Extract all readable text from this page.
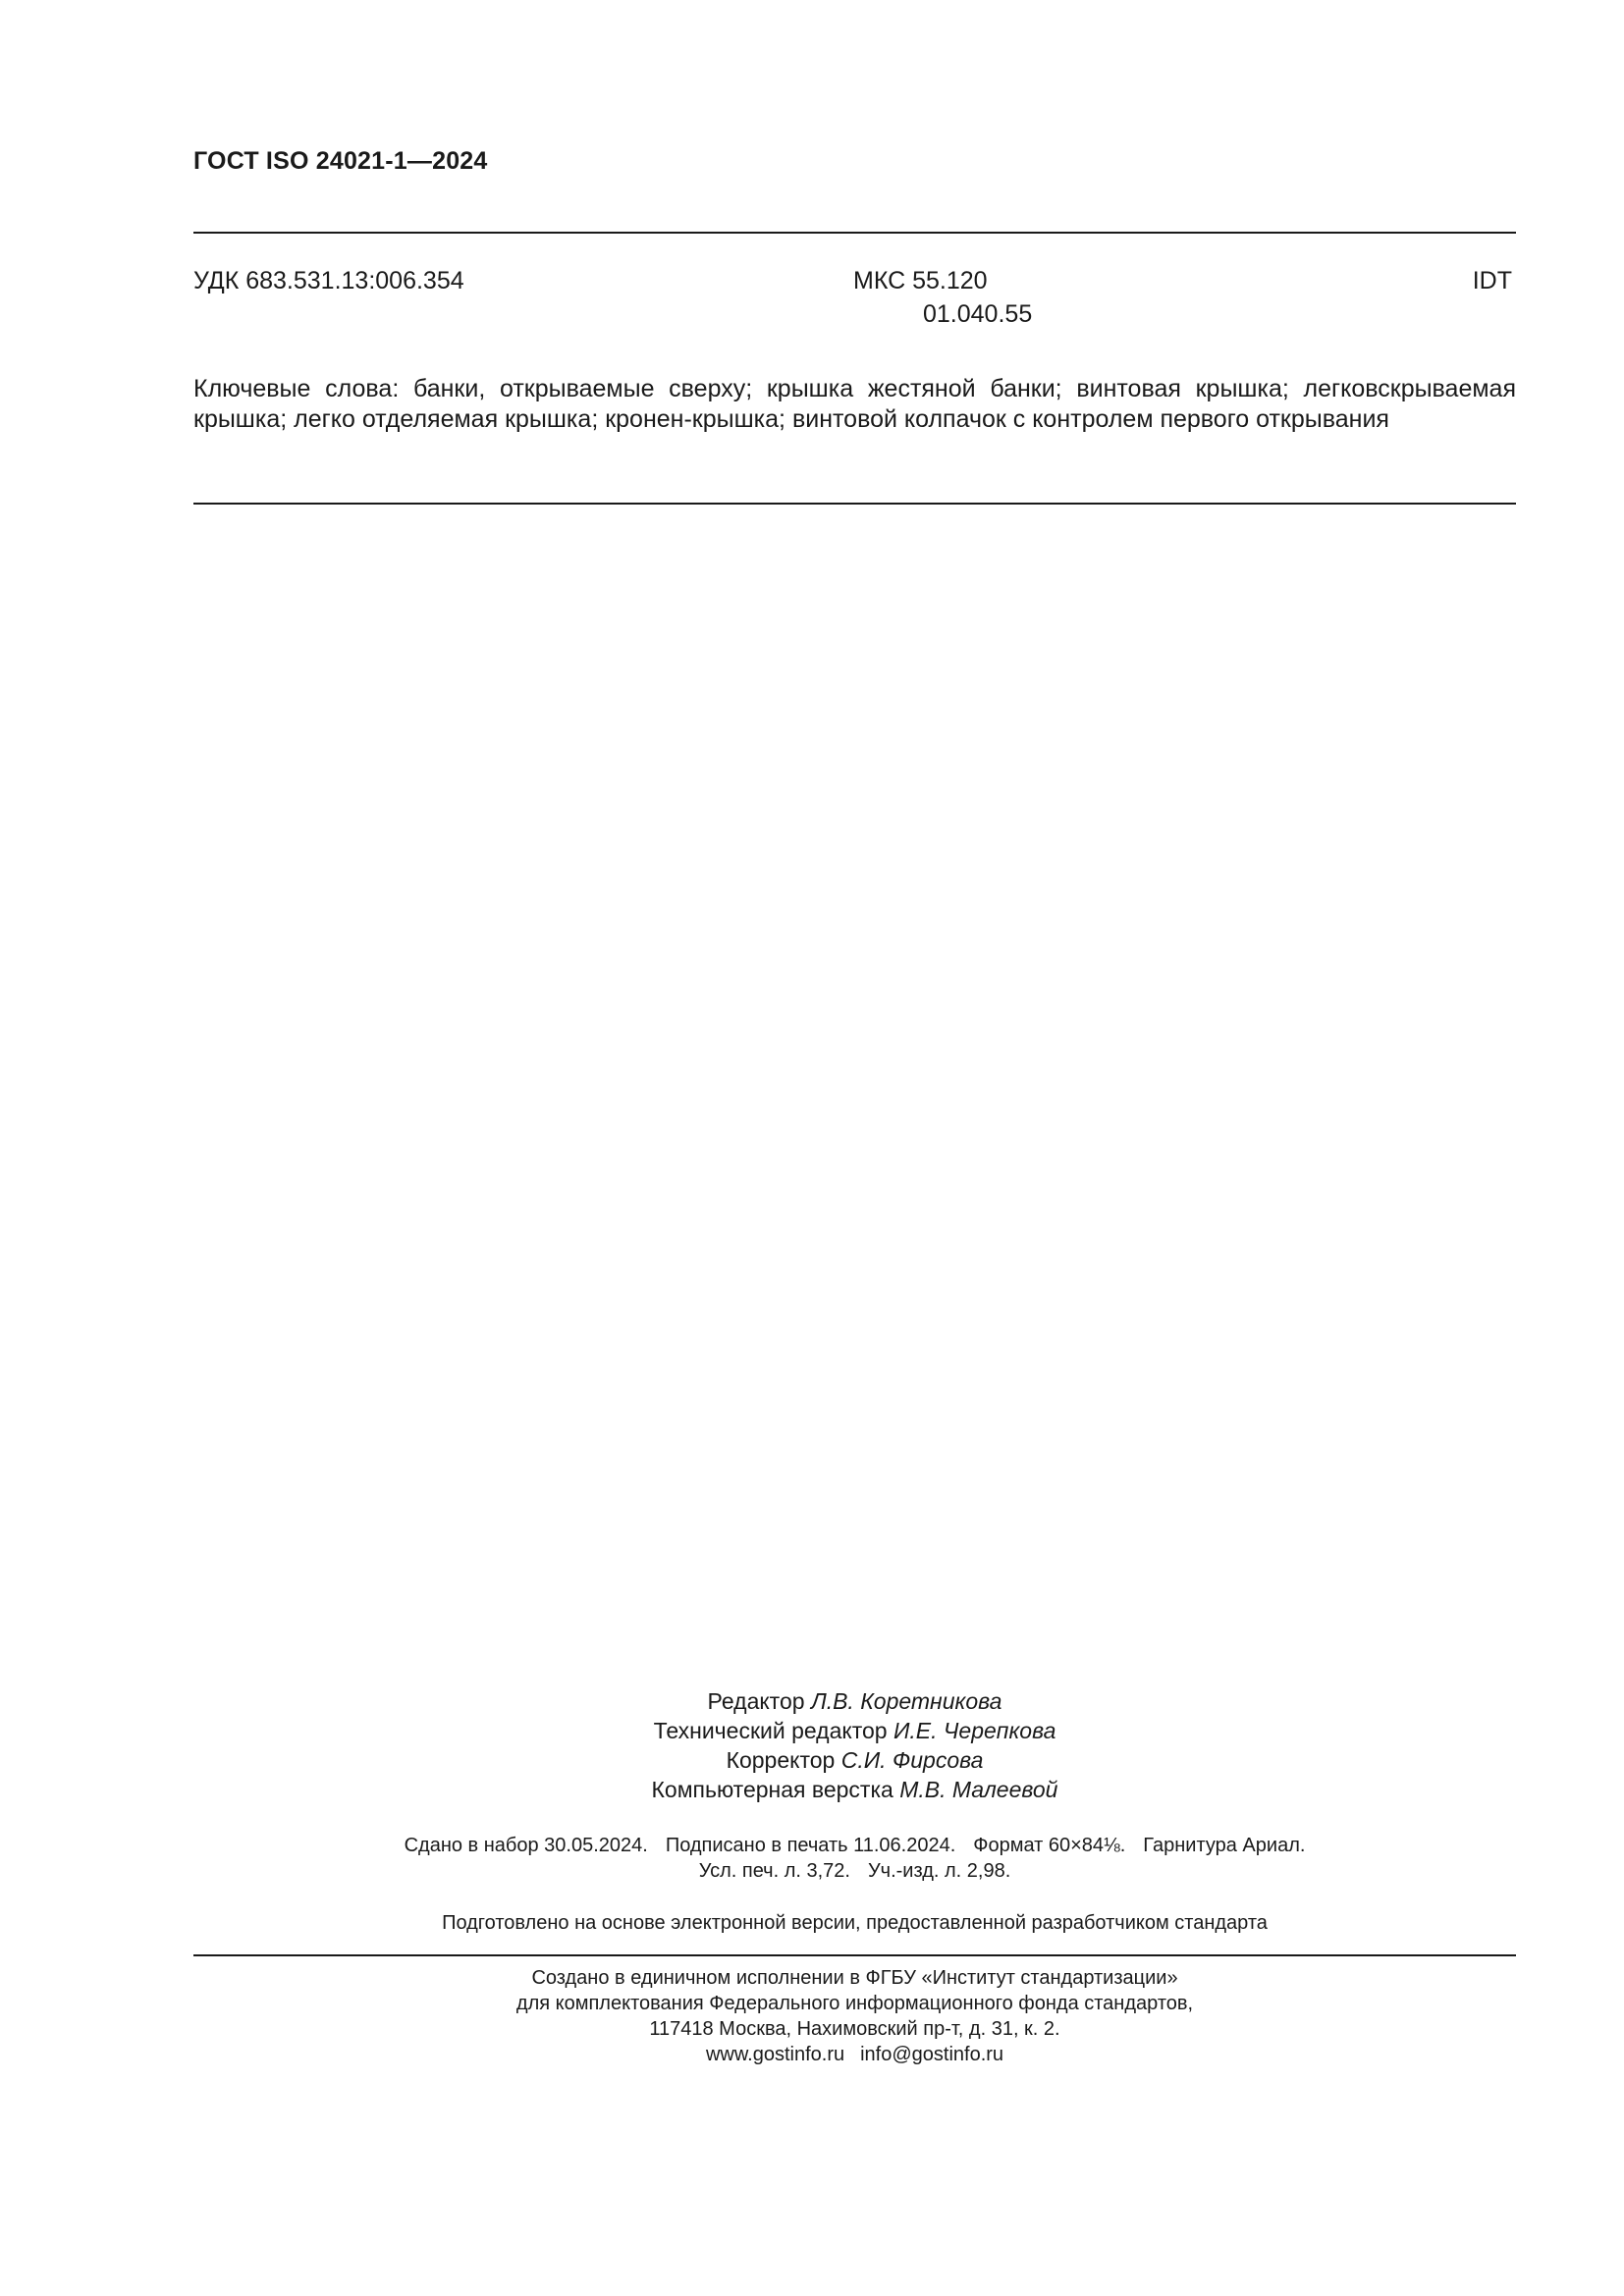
ГОСТ ISO 24021-1—2024
УДК 683.531.13:006.354	МКС 55.120
01.040.55
IDT
Ключевые слова: банки, открываемые сверху; крышка жестяной банки; винтовая крышка; легковскрываемая крышка; легко отделяемая крышка; кронен-крышка; винтовой колпачок с контролем первого открывания
Редактор Л.В. Коретникова
Технический редактор И.Е. Черепкова
Корректор С.И. Фирсова
Компьютерная верстка М.В. Малеевой
Сдано в набор 30.05.2024. Подписано в печать 11.06.2024. Формат 60×84⅛. Гарнитура Ариал.
Усл. печ. л. 3,72. Уч.-изд. л. 2,98.
Подготовлено на основе электронной версии, предоставленной разработчиком стандарта
Создано в единичном исполнении в ФГБУ «Институт стандартизации»
для комплектования Федерального информационного фонда стандартов,
117418 Москва, Нахимовский пр-т, д. 31, к. 2.
www.gostinfo.ru info@gostinfo.ru
